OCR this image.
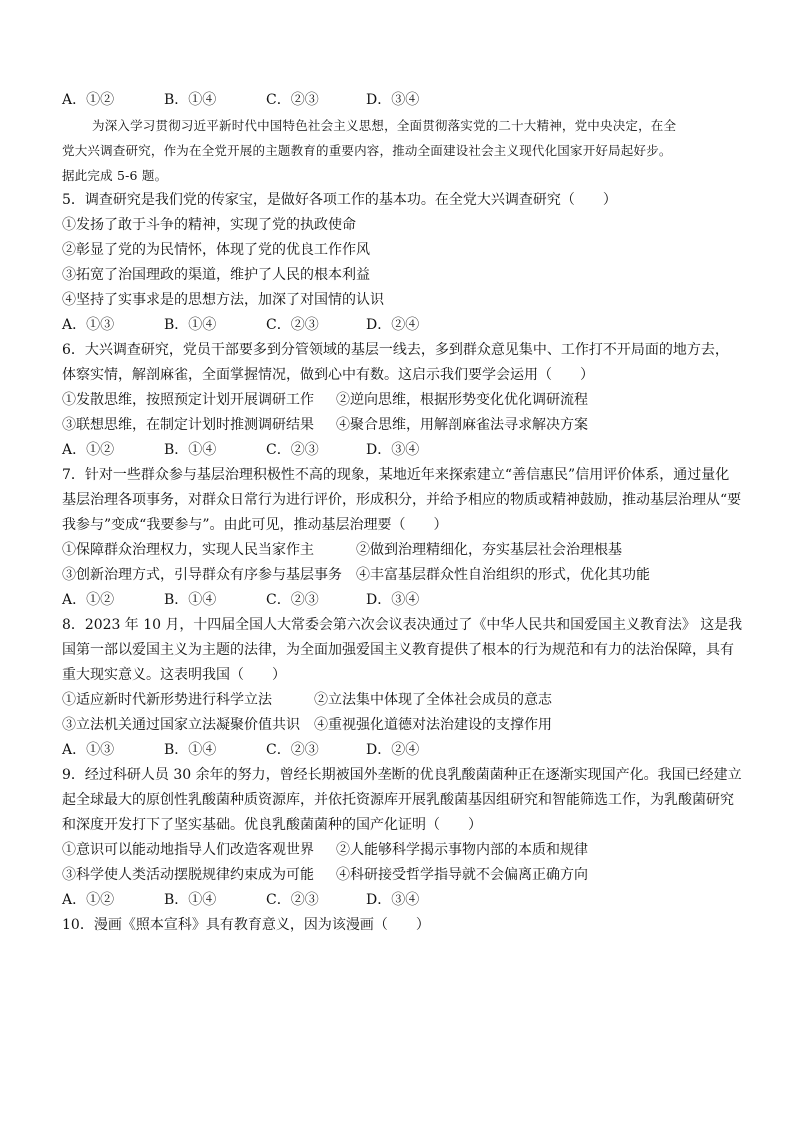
A．①②	B．①④	C．②③	D．③④
为深入学习贯彻习近平新时代中国特色社会主义思想，全面贯彻落实党的二十大精神，党中央决定，在全
党大兴调查研究，作为在全党开展的主题教育的重要内容，推动全面建设社会主义现代化国家开好局起好步。
据此完成 5-6 题。
5．调查研究是我们党的传家宝，是做好各项工作的基本功。在全党大兴调查研究（　　）
①发扬了敢于斗争的精神，实现了党的执政使命
②彰显了党的为民情怀，体现了党的优良工作作风
③拓宽了治国理政的渠道，维护了人民的根本利益
④坚持了实事求是的思想方法，加深了对国情的认识
A．①③	B．①④	C．②③	D．②④
6．大兴调查研究，党员干部要多到分管领域的基层一线去，多到群众意见集中、工作打不开局面的地方去，
体察实情，解剖麻雀，全面掌握情况，做到心中有数。这启示我们要学会运用（　　）
①发散思维，按照预定计划开展调研工作 ②逆向思维，根据形势变化优化调研流程
③联想思维，在制定计划时推测调研结果 ④聚合思维，用解剖麻雀法寻求解决方案
A．①②	B．①④	C．②③	D．③④
7．针对一些群众参与基层治理积极性不高的现象，某地近年来探索建立“善信惠民”信用评价体系，通过量化
基层治理各项事务，对群众日常行为进行评价，形成积分，并给予相应的物质或精神鼓励，推动基层治理从“要
我参与”变成“我要参与”。由此可见，推动基层治理要（　　）
①保障群众治理权力，实现人民当家作主	②做到治理精细化，夯实基层社会治理根基
③创新治理方式，引导群众有序参与基层事务 ④丰富基层群众性自治组织的形式，优化其功能
A．①②	B．①④	C．②③	D．③④
8．2023 年 10 月，十四届全国人大常委会第六次会议表决通过了《中华人民共和国爱国主义教育法》 这是我
国第一部以爱国主义为主题的法律，为全面加强爱国主义教育提供了根本的行为规范和有力的法治保障，具有
重大现实意义。这表明我国（　　）
①适应新时代新形势进行科学立法	②立法集中体现了全体社会成员的意志
③立法机关通过国家立法凝聚价值共识 ④重视强化道德对法治建设的支撑作用
A．①③	B．①④	C．②③	D．②④
9．经过科研人员 30 余年的努力，曾经长期被国外垄断的优良乳酸菌菌种正在逐渐实现国产化。我国已经建立
起全球最大的原创性乳酸菌种质资源库，并依托资源库开展乳酸菌基因组研究和智能筛选工作，为乳酸菌研究
和深度开发打下了坚实基础。优良乳酸菌菌种的国产化证明（　　）
①意识可以能动地指导人们改造客观世界 ②人能够科学揭示事物内部的本质和规律
③科学使人类活动摆脱规律约束成为可能 ④科研接受哲学指导就不会偏离正确方向
A．①②	B．①④	C．②③	D．③④
10．漫画《照本宣科》具有教育意义，因为该漫画（　　）
